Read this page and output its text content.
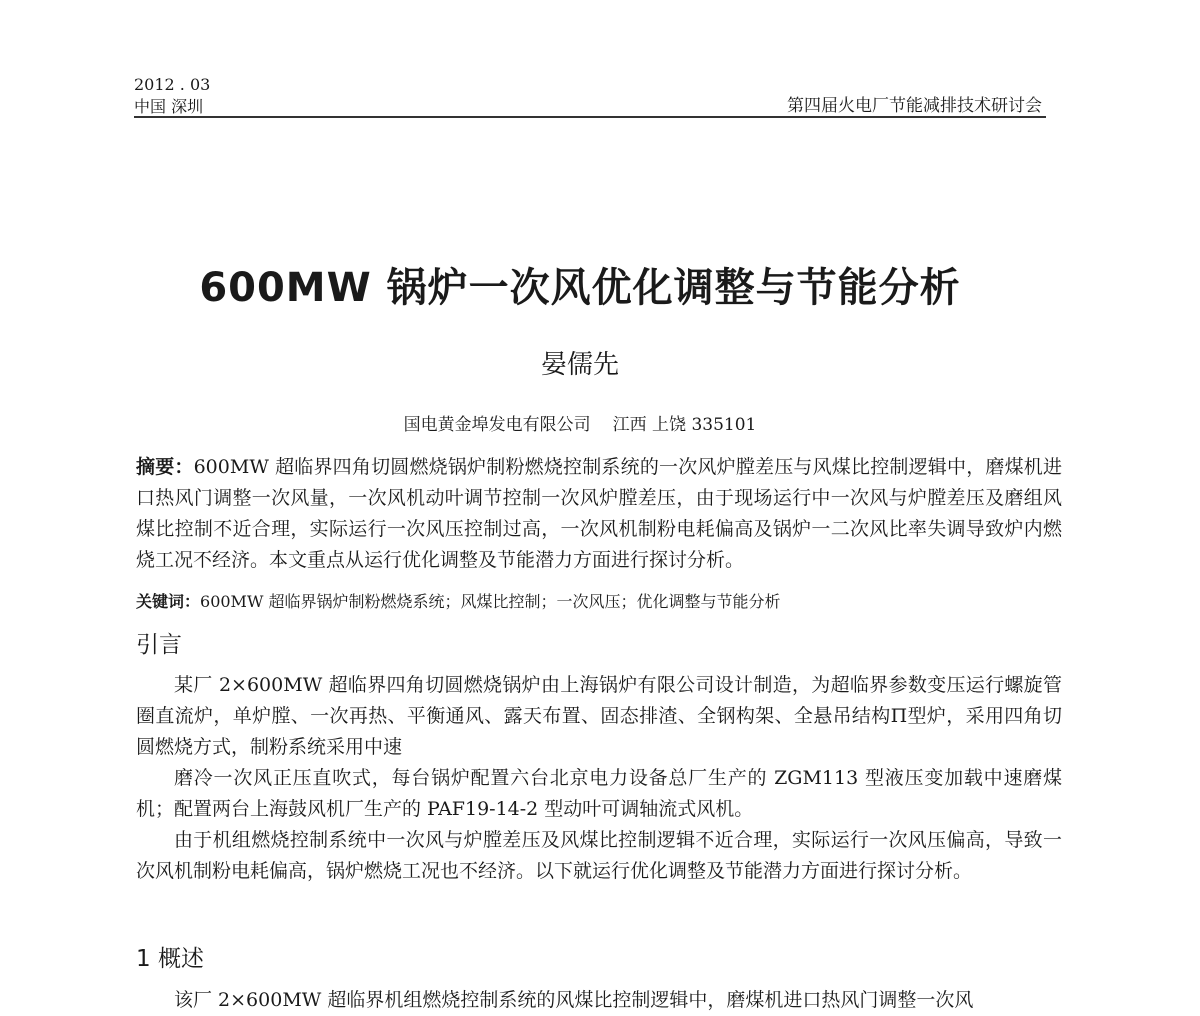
2012 . 03
中国 深圳	第四届火电厂节能减排技术研讨会
600MW 锅炉一次风优化调整与节能分析
晏儒先
国电黄金埠发电有限公司 江西 上饶 335101
摘要：600MW 超临界四角切圆燃烧锅炉制粉燃烧控制系统的一次风炉膛差压与风煤比控制逻辑中，磨煤机进口热风门调整一次风量，一次风机动叶调节控制一次风炉膛差压，由于现场运行中一次风与炉膛差压及磨组风煤比控制不近合理，实际运行一次风压控制过高，一次风机制粉电耗偏高及锅炉一二次风比率失调导致炉内燃烧工况不经济。本文重点从运行优化调整及节能潜力方面进行探讨分析。
关键词：600MW 超临界锅炉制粉燃烧系统；风煤比控制；一次风压；优化调整与节能分析
引言

某厂 2×600MW 超临界四角切圆燃烧锅炉由上海锅炉有限公司设计制造，为超临界参数变压运行螺旋管圈直流炉，单炉膛、一次再热、平衡通风、露天布置、固态排渣、全钢构架、全悬吊结构Π型炉，采用四角切圆燃烧方式，制粉系统采用中速

磨冷一次风正压直吹式，每台锅炉配置六台北京电力设备总厂生产的 ZGM113 型液压变加载中速磨煤机；配置两台上海鼓风机厂生产的 PAF19-14-2 型动叶可调轴流式风机。

由于机组燃烧控制系统中一次风与炉膛差压及风煤比控制逻辑不近合理，实际运行一次风压偏高，导致一次风机制粉电耗偏高，锅炉燃烧工况也不经济。以下就运行优化调整及节能潜力方面进行探讨分析。

1 概述

该厂 2×600MW 超临界机组燃烧控制系统的风煤比控制逻辑中，磨煤机进口热风门调整一次风
